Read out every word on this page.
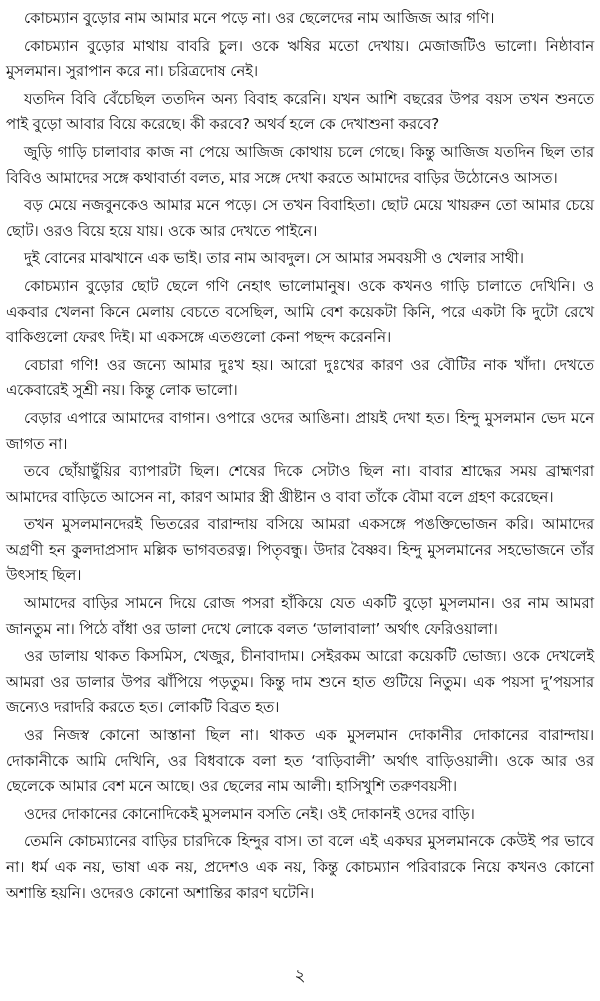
কোচম্যান বুড়োর নাম আমার মনে পড়ে না। ওর ছেলেদের নাম আজিজ আর গণি।

কোচম্যান বুড়োর মাথায় বাবরি চুল। ওকে ঋষির মতো দেখায়। মেজাজটিও ভালো। নিষ্ঠাবান মুসলমান। সুরাপান করে না। চরিত্রদোষ নেই।

যতদিন বিবি বেঁচেছিল ততদিন অন্য বিবাহ করেনি। যখন আশি বছরের উপর বয়স তখন শুনতে পাই বুড়ো আবার বিয়ে করেছে। কী করবে? অথর্ব হলে কে দেখাশুনা করবে?

জুড়ি গাড়ি চালাবার কাজ না পেয়ে আজিজ কোথায় চলে গেছে। কিন্তু আজিজ যতদিন ছিল তার বিবিও আমাদের সঙ্গে কথাবার্তা বলত, মার সঙ্গে দেখা করতে আমাদের বাড়ির উঠোনেও আসত।

বড় মেয়ে নজবুনকেও আমার মনে পড়ে। সে তখন বিবাহিতা। ছোট মেয়ে খায়রুন তো আমার চেয়ে ছোট। ওরও বিয়ে হয়ে যায়। ওকে আর দেখতে পাইনে।

দুই বোনের মাঝখানে এক ভাই। তার নাম আবদুল। সে আমার সমবয়সী ও খেলার সাথী।

কোচম্যান বুড়োর ছোট ছেলে গণি নেহাৎ ভালোমানুষ। ওকে কখনও গাড়ি চালাতে দেখিনি। ও একবার খেলনা কিনে মেলায় বেচতে বসেছিল, আমি বেশ কয়েকটা কিনি, পরে একটা কি দুটো রেখে বাকিগুলো ফেরৎ দিই। মা একসঙ্গে এতগুলো কেনা পছন্দ করেননি।

বেচারা গণি! ওর জন্যে আমার দুঃখ হয়। আরো দুঃখের কারণ ওর বৌটির নাক খাঁদা। দেখতে একেবারেই সুশ্রী নয়। কিন্তু লোক ভালো।

বেড়ার এপারে আমাদের বাগান। ওপারে ওদের আঙিনা। প্রায়ই দেখা হত। হিন্দু মুসলমান ভেদ মনে জাগত না।

তবে ছোঁয়াছুঁয়ির ব্যাপারটা ছিল। শেষের দিকে সেটাও ছিল না। বাবার শ্রাদ্ধের সময় ব্রাহ্মণরা আমাদের বাড়িতে আসেন না, কারণ আমার স্ত্রী খ্রীষ্টান ও বাবা তাঁকে বৌমা বলে গ্রহণ করেছেন।

তখন মুসলমানদেরই ভিতরের বারান্দায় বসিয়ে আমরা একসঙ্গে পঙক্তিভোজন করি। আমাদের অগ্রণী হন কুলদাপ্রসাদ মল্লিক ভাগবতরত্ন। পিতৃবন্ধু। উদার বৈষ্ণব। হিন্দু মুসলমানের সহভোজনে তাঁর উৎসাহ ছিল।

আমাদের বাড়ির সামনে দিয়ে রোজ পসরা হাঁকিয়ে যেত একটি বুড়ো মুসলমান। ওর নাম আমরা জানতুম না। পিঠে বাঁধা ওর ডালা দেখে লোকে বলত ‘ডালাবালা’ অর্থাৎ ফেরিওয়ালা।

ওর ডালায় থাকত কিসমিস, খেজুর, চীনাবাদাম। সেইরকম আরো কয়েকটি ভোজ্য। ওকে দেখলেই আমরা ওর ডালার উপর ঝাঁপিয়ে পড়তুম। কিন্তু দাম শুনে হাত গুটিয়ে নিতুম। এক পয়সা দু’পয়সার জন্যেও দরাদরি করতে হত। লোকটি বিব্রত হত।

ওর নিজস্ব কোনো আস্তানা ছিল না। থাকত এক মুসলমান দোকানীর দোকানের বারান্দায়। দোকানীকে আমি দেখিনি, ওর বিধবাকে বলা হত ‘বাড়িবালী’ অর্থাৎ বাড়িওয়ালী। ওকে আর ওর ছেলেকে আমার বেশ মনে আছে। ওর ছেলের নাম আলী। হাসিখুশি তরুণবয়সী।

ওদের দোকানের কোনোদিকেই মুসলমান বসতি নেই। ওই দোকানই ওদের বাড়ি।

তেমনি কোচম্যানের বাড়ির চারদিকে হিন্দুর বাস। তা বলে এই একঘর মুসলমানকে কেউই পর ভাবে না। ধর্ম এক নয়, ভাষা এক নয়, প্রদেশও এক নয়, কিন্তু কোচম্যান পরিবারকে নিয়ে কখনও কোনো অশান্তি হয়নি। ওদেরও কোনো অশান্তির কারণ ঘটেনি।

২
